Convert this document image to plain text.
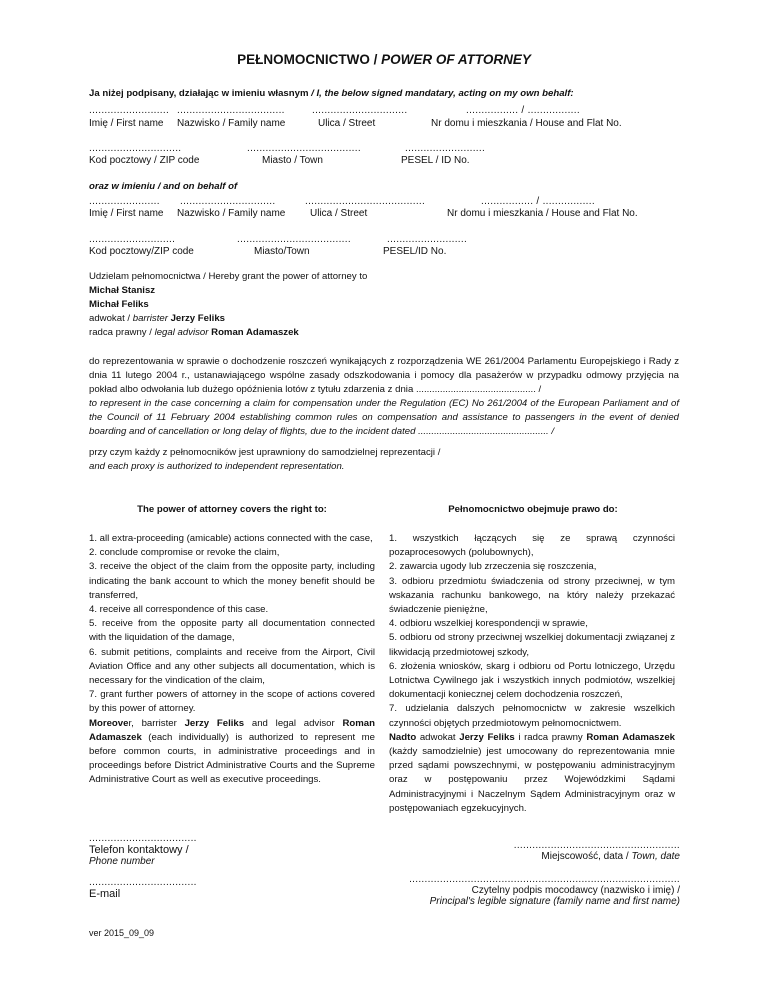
PEŁNOMOCNICTWO / POWER OF ATTORNEY
Ja niżej podpisany, działając w imieniu własnym / I, the below signed mandatary, acting on my own behalf:
.......................... ...................................	...............................	................. / .................
Imię / First name Nazwisko / Family name	Ulica / Street	Nr domu i mieszkania / House and Flat No.
..............................	.....................................	..........................
Kod pocztowy / ZIP code	Miasto / Town	PESEL / ID No.
oraz w imieniu / and on behalf of
....................... ...............................	.......................................	................. / .................
Imię / First name Nazwisko / Family name Ulica / Street	Nr domu i mieszkania / House and Flat No.
............................	.....................................	..........................
Kod pocztowy/ZIP code	Miasto/Town	PESEL/ID No.
Udzielam pełnomocnictwa / Hereby grant the power of attorney to
Michał Stanisz
Michał Feliks
adwokat / barrister Jerzy Feliks
radca prawny / legal advisor Roman Adamaszek
do reprezentowania w sprawie o dochodzenie roszczeń wynikających z rozporządzenia WE 261/2004 Parlamentu Europejskiego i Rady z dnia 11 lutego 2004 r., ustanawiającego wspólne zasady odszkodowania i pomocy dla pasażerów w przypadku odmowy przyjęcia na pokład albo odwołania lub dużego opóźnienia lotów z tytułu zdarzenia z dnia ............................................. /
to represent in the case concerning a claim for compensation under the Regulation (EC) No 261/2004 of the European Parliament and of the Council of 11 February 2004 establishing common rules on compensation and assistance to passengers in the event of denied boarding and of cancellation or long delay of flights, due to the incident dated ................................................. /
przy czym każdy z pełnomocników jest uprawniony do samodzielnej reprezentacji /
and each proxy is authorized to independent representation.
The power of attorney covers the right to:	Pełnomocnictwo obejmuje prawo do:

1. all extra-proceeding (amicable) actions connected with the case,

2. conclude compromise or revoke the claim,

3. receive the object of the claim from the opposite party, including indicating the bank account to which the money benefit should be transferred,

4. receive all correspondence of this case.

5. receive from the opposite party all documentation connected with the liquidation of the damage,

6. submit petitions, complaints and receive from the Airport, Civil Aviation Office and any other subjects all documentation, which is necessary for the vindication of the claim,

7. grant further powers of attorney in the scope of actions covered by this power of attorney.

Moreover, barrister Jerzy Feliks and legal advisor Roman Adamaszek (each individually) is authorized to represent me before common courts, in administrative proceedings and in proceedings before District Administrative Courts and the Supreme Administrative Court as well as executive proceedings.

1. wszystkich łączących się ze sprawą czynności pozaprocesowych (polubownych),

2. zawarcia ugody lub zrzeczenia się roszczenia,

3. odbioru przedmiotu świadczenia od strony przeciwnej, w tym wskazania rachunku bankowego, na który należy przekazać świadczenie pieniężne,

4. odbioru wszelkiej korespondencji w sprawie,

5. odbioru od strony przeciwnej wszelkiej dokumentacji związanej z likwidacją przedmiotowej szkody,

6. złożenia wniosków, skarg i odbioru od Portu lotniczego, Urzędu Lotnictwa Cywilnego jak i wszystkich innych podmiotów, wszelkiej dokumentacji koniecznej celem dochodzenia roszczeń,

7. udzielania dalszych pełnomocnictw w zakresie wszelkich czynności objętych przedmiotowym pełnomocnictwem.

Nadto adwokat Jerzy Feliks i radca prawny Roman Adamaszek (każdy samodzielnie) jest umocowany do reprezentowania mnie przed sądami powszechnymi, w postępowaniu administracyjnym oraz w postępowaniu przez Wojewódzkimi Sądami Administracyjnymi i Naczelnym Sądem Administracyjnym oraz w postępowaniach egzekucyjnych.

...................................
Telefon kontaktowy /
Phone number
......................................................
Miejscowość, data / Town, date
...................................
E-mail
........................................................................................
Czytelny podpis mocodawcy (nazwisko i imię) /
Principal's legible signature (family name and first name)
ver 2015_09_09
